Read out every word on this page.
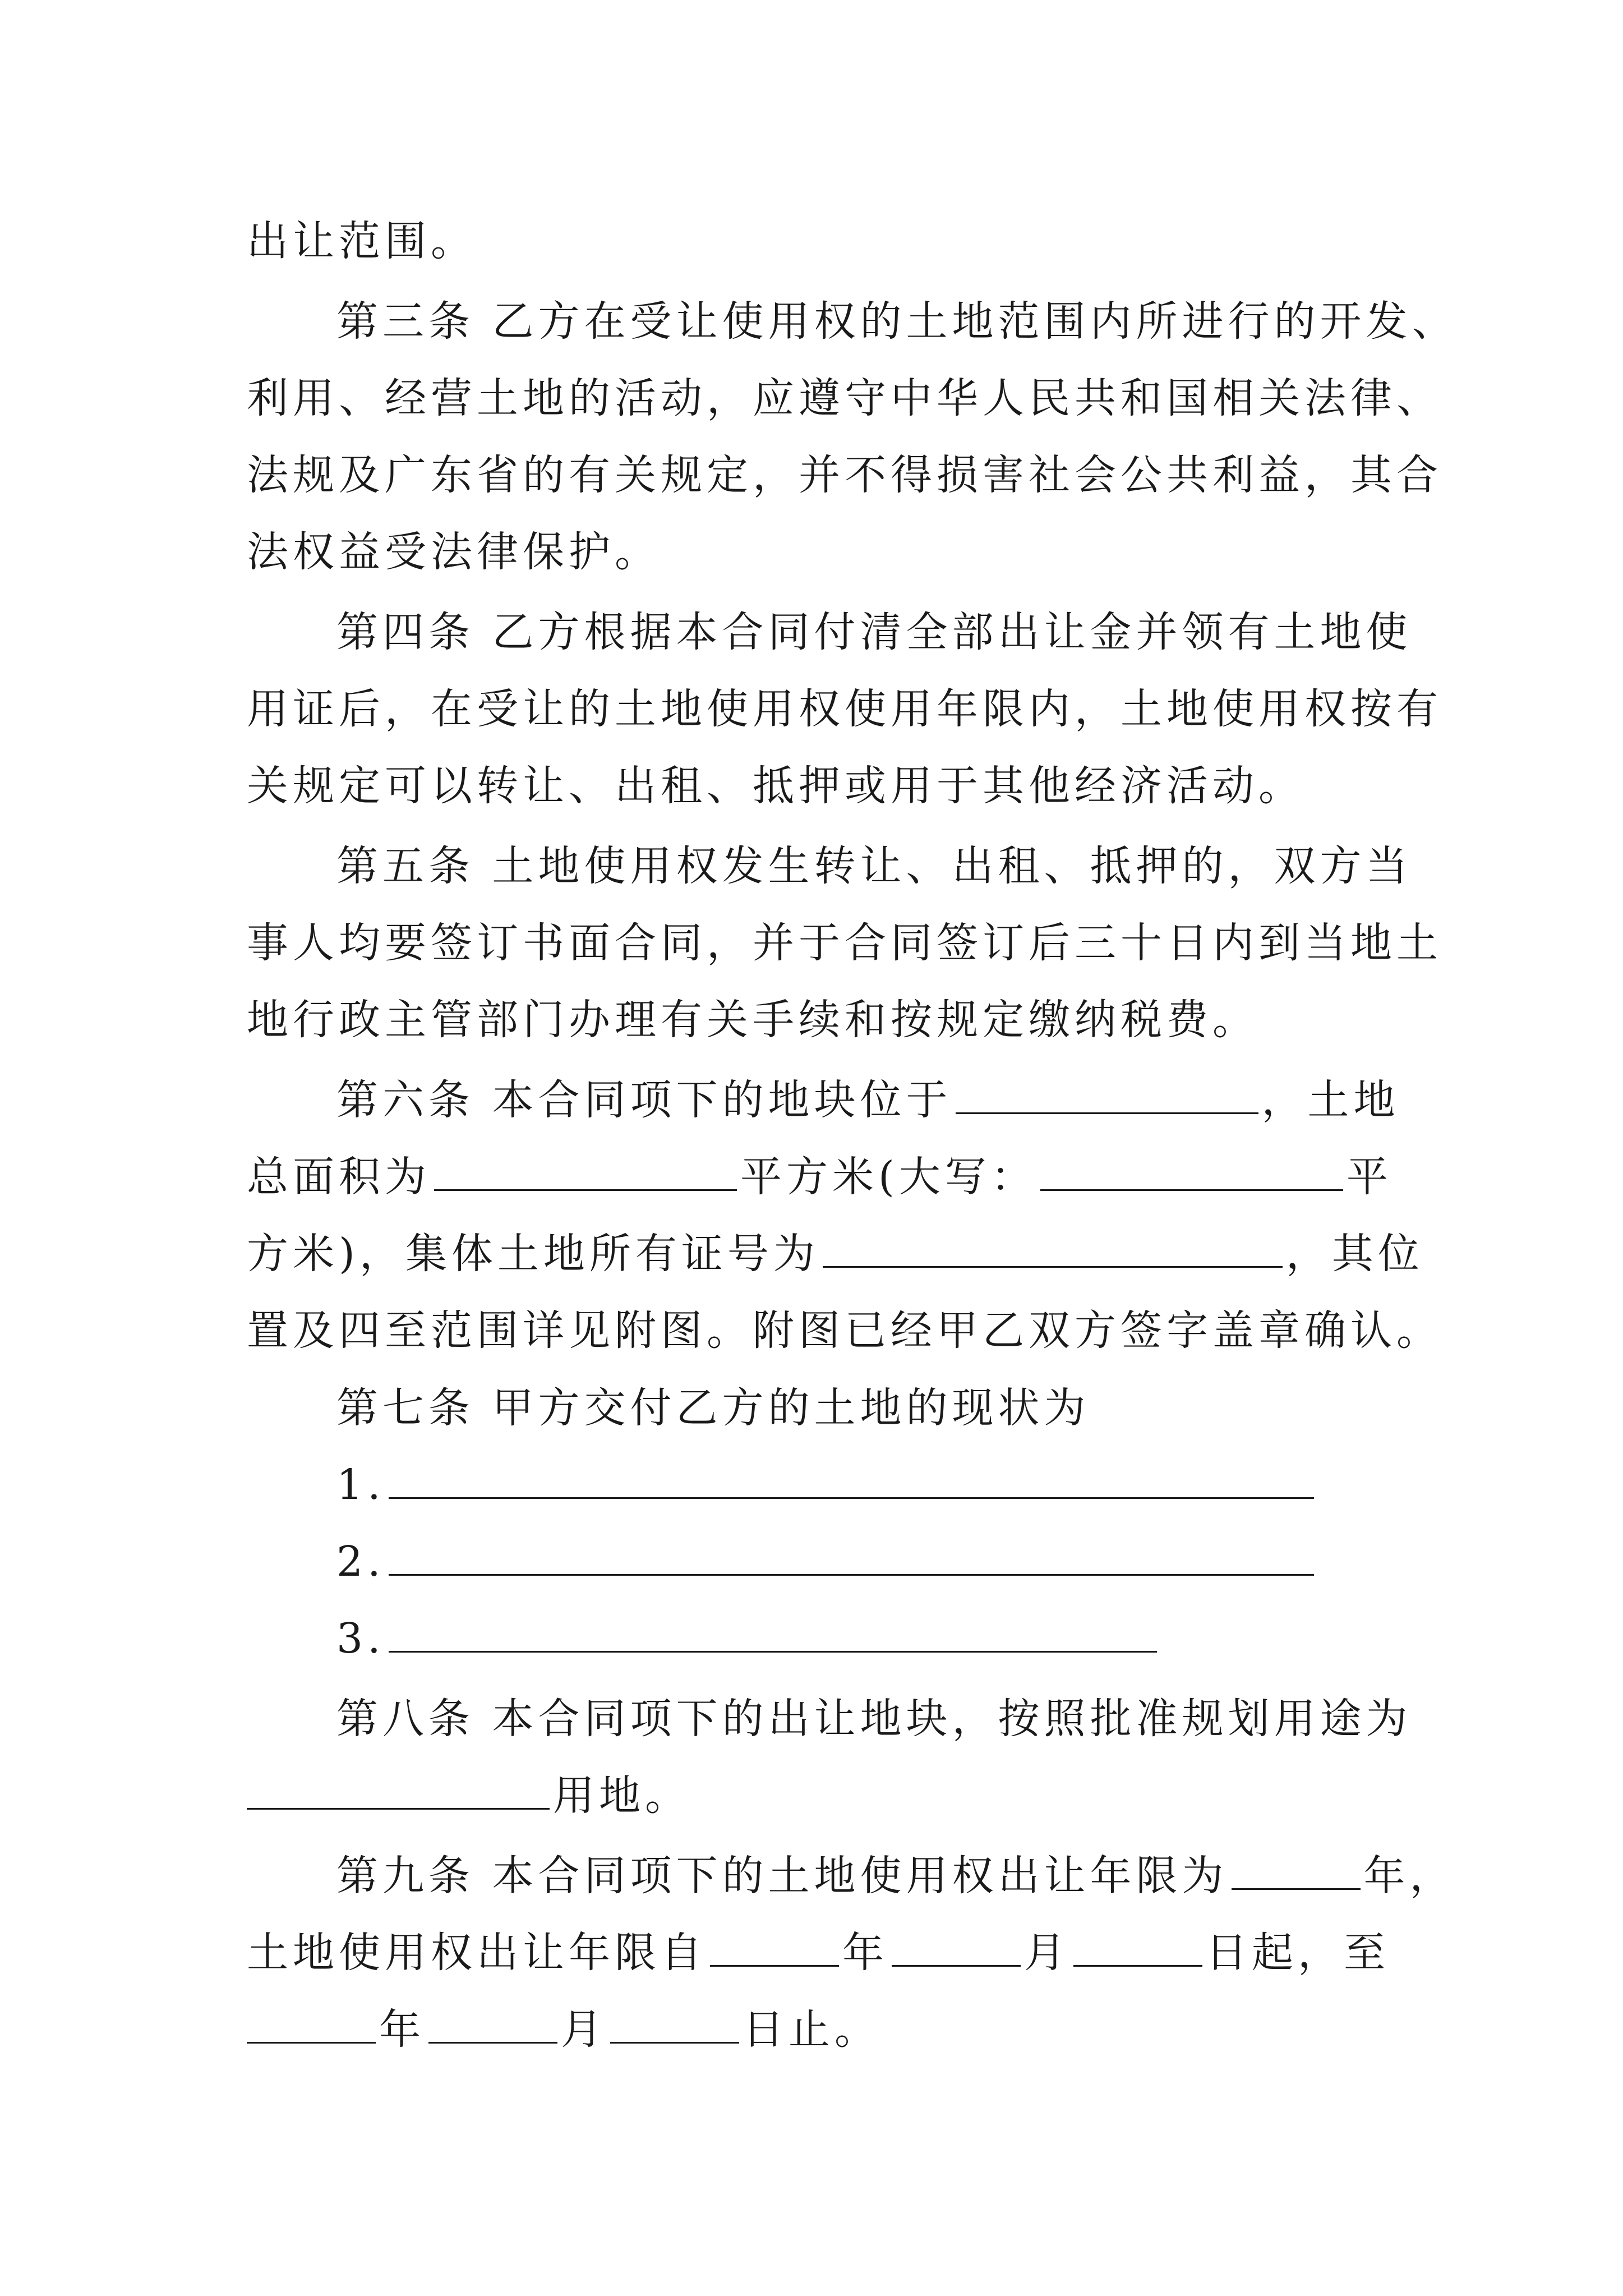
出让范围。
第三条 乙方在受让使用权的土地范围内所进行的开发、
利用、经营土地的活动，应遵守中华人民共和国相关法律、
法规及广东省的有关规定，并不得损害社会公共利益，其合
法权益受法律保护。
第四条 乙方根据本合同付清全部出让金并领有土地使
用证后，在受让的土地使用权使用年限内，土地使用权按有
关规定可以转让、出租、抵押或用于其他经济活动。
第五条 土地使用权发生转让、出租、抵押的，双方当
事人均要签订书面合同，并于合同签订后三十日内到当地土
地行政主管部门办理有关手续和按规定缴纳税费。
第六条 本合同项下的地块位于	，土地
总面积为	平方米(大写：	平
方米)，集体土地所有证号为	，其位
置及四至范围详见附图。附图已经甲乙双方签字盖章确认。
第七条 甲方交付乙方的土地的现状为
1.
2.
3.
第八条 本合同项下的出让地块，按照批准规划用途为
用地。
第九条 本合同项下的土地使用权出让年限为	年，
土地使用权出让年限自	年	月	日起，至
年	月	日止。
